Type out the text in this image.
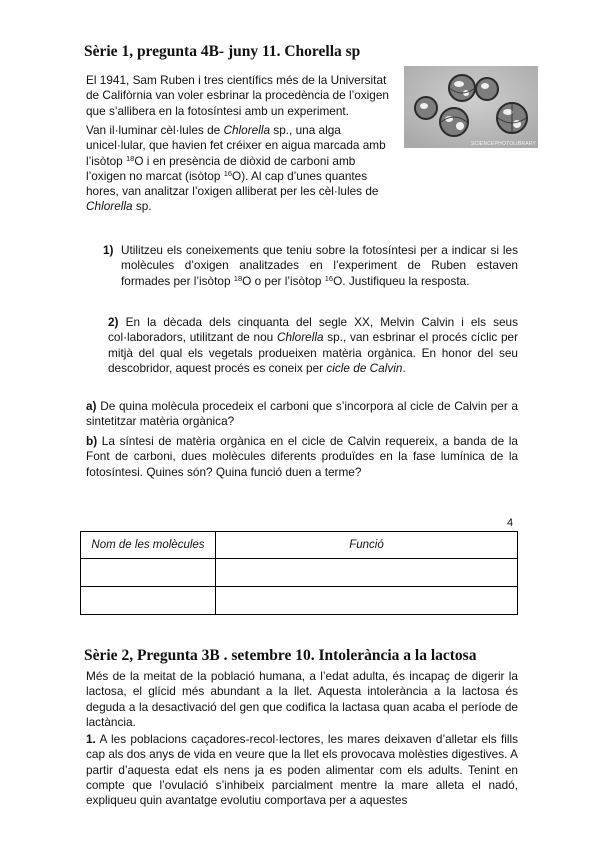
Sèrie 1, pregunta 4B- juny 11. Chorella sp
SCIENCEPHOTOLIBRARY
El 1941, Sam Ruben i tres científics més de la Universitat de Califòrnia van voler esbrinar la procedència de l’oxigen que s’allibera en la fotosíntesi amb un experiment.
Van il·luminar cèl·lules de Chlorella sp., una alga unicel·lular, que havien fet créixer en aigua marcada amb l’isòtop $^{18}$O i en presència de diòxid de carboni amb l’oxigen no marcat (isòtop $^{16}$O). Al cap d’unes quantes hores, van analitzar l’oxigen alliberat per les cèl·lules de Chlorella sp.
1) Utilitzeu els coneixements que teniu sobre la fotosíntesi per a indicar si les molècules d’oxigen analitzades en l’experiment de Ruben estaven formades per l’isòtop $^{18}$O o per l’isòtop $^{16}$O. Justifiqueu la resposta.
2) En la dècada dels cinquanta del segle XX, Melvin Calvin i els seus col·laboradors, utilitzant de nou Chlorella sp., van esbrinar el procés cíclic per mitjà del qual els vegetals produeixen matèria orgànica. En honor del seu descobridor, aquest procés es coneix per cicle de Calvin.
a) De quina molècula procedeix el carboni que s’incorpora al cicle de Calvin per a sintetitzar matèria orgànica?
b) La síntesi de matèria orgànica en el cicle de Calvin requereix, a banda de la Font de carboni, dues molècules diferents produïdes en la fase lumínica de la fotosíntesi. Quines són? Quina funció duen a terme?
4
Nom de les molècules	Funció

Sèrie 2, Pregunta 3B . setembre 10. Intolerància a la lactosa
Més de la meitat de la població humana, a l’edat adulta, és incapaç de digerir la lactosa, el glícid més abundant a la llet. Aquesta intolerància a la lactosa és deguda a la desactivació del gen que codifica la lactasa quan acaba el període de lactància.
1. A les poblacions caçadores-recol·lectores, les mares deixaven d’alletar els fills cap als dos anys de vida en veure que la llet els provocava molèsties digestives. A partir d’aquesta edat els nens ja es poden alimentar com els adults. Tenint en compte que l’ovulació s’inhibeix parcialment mentre la mare alleta el nadó, expliqueu quin avantatge evolutiu comportava per a aquestes
